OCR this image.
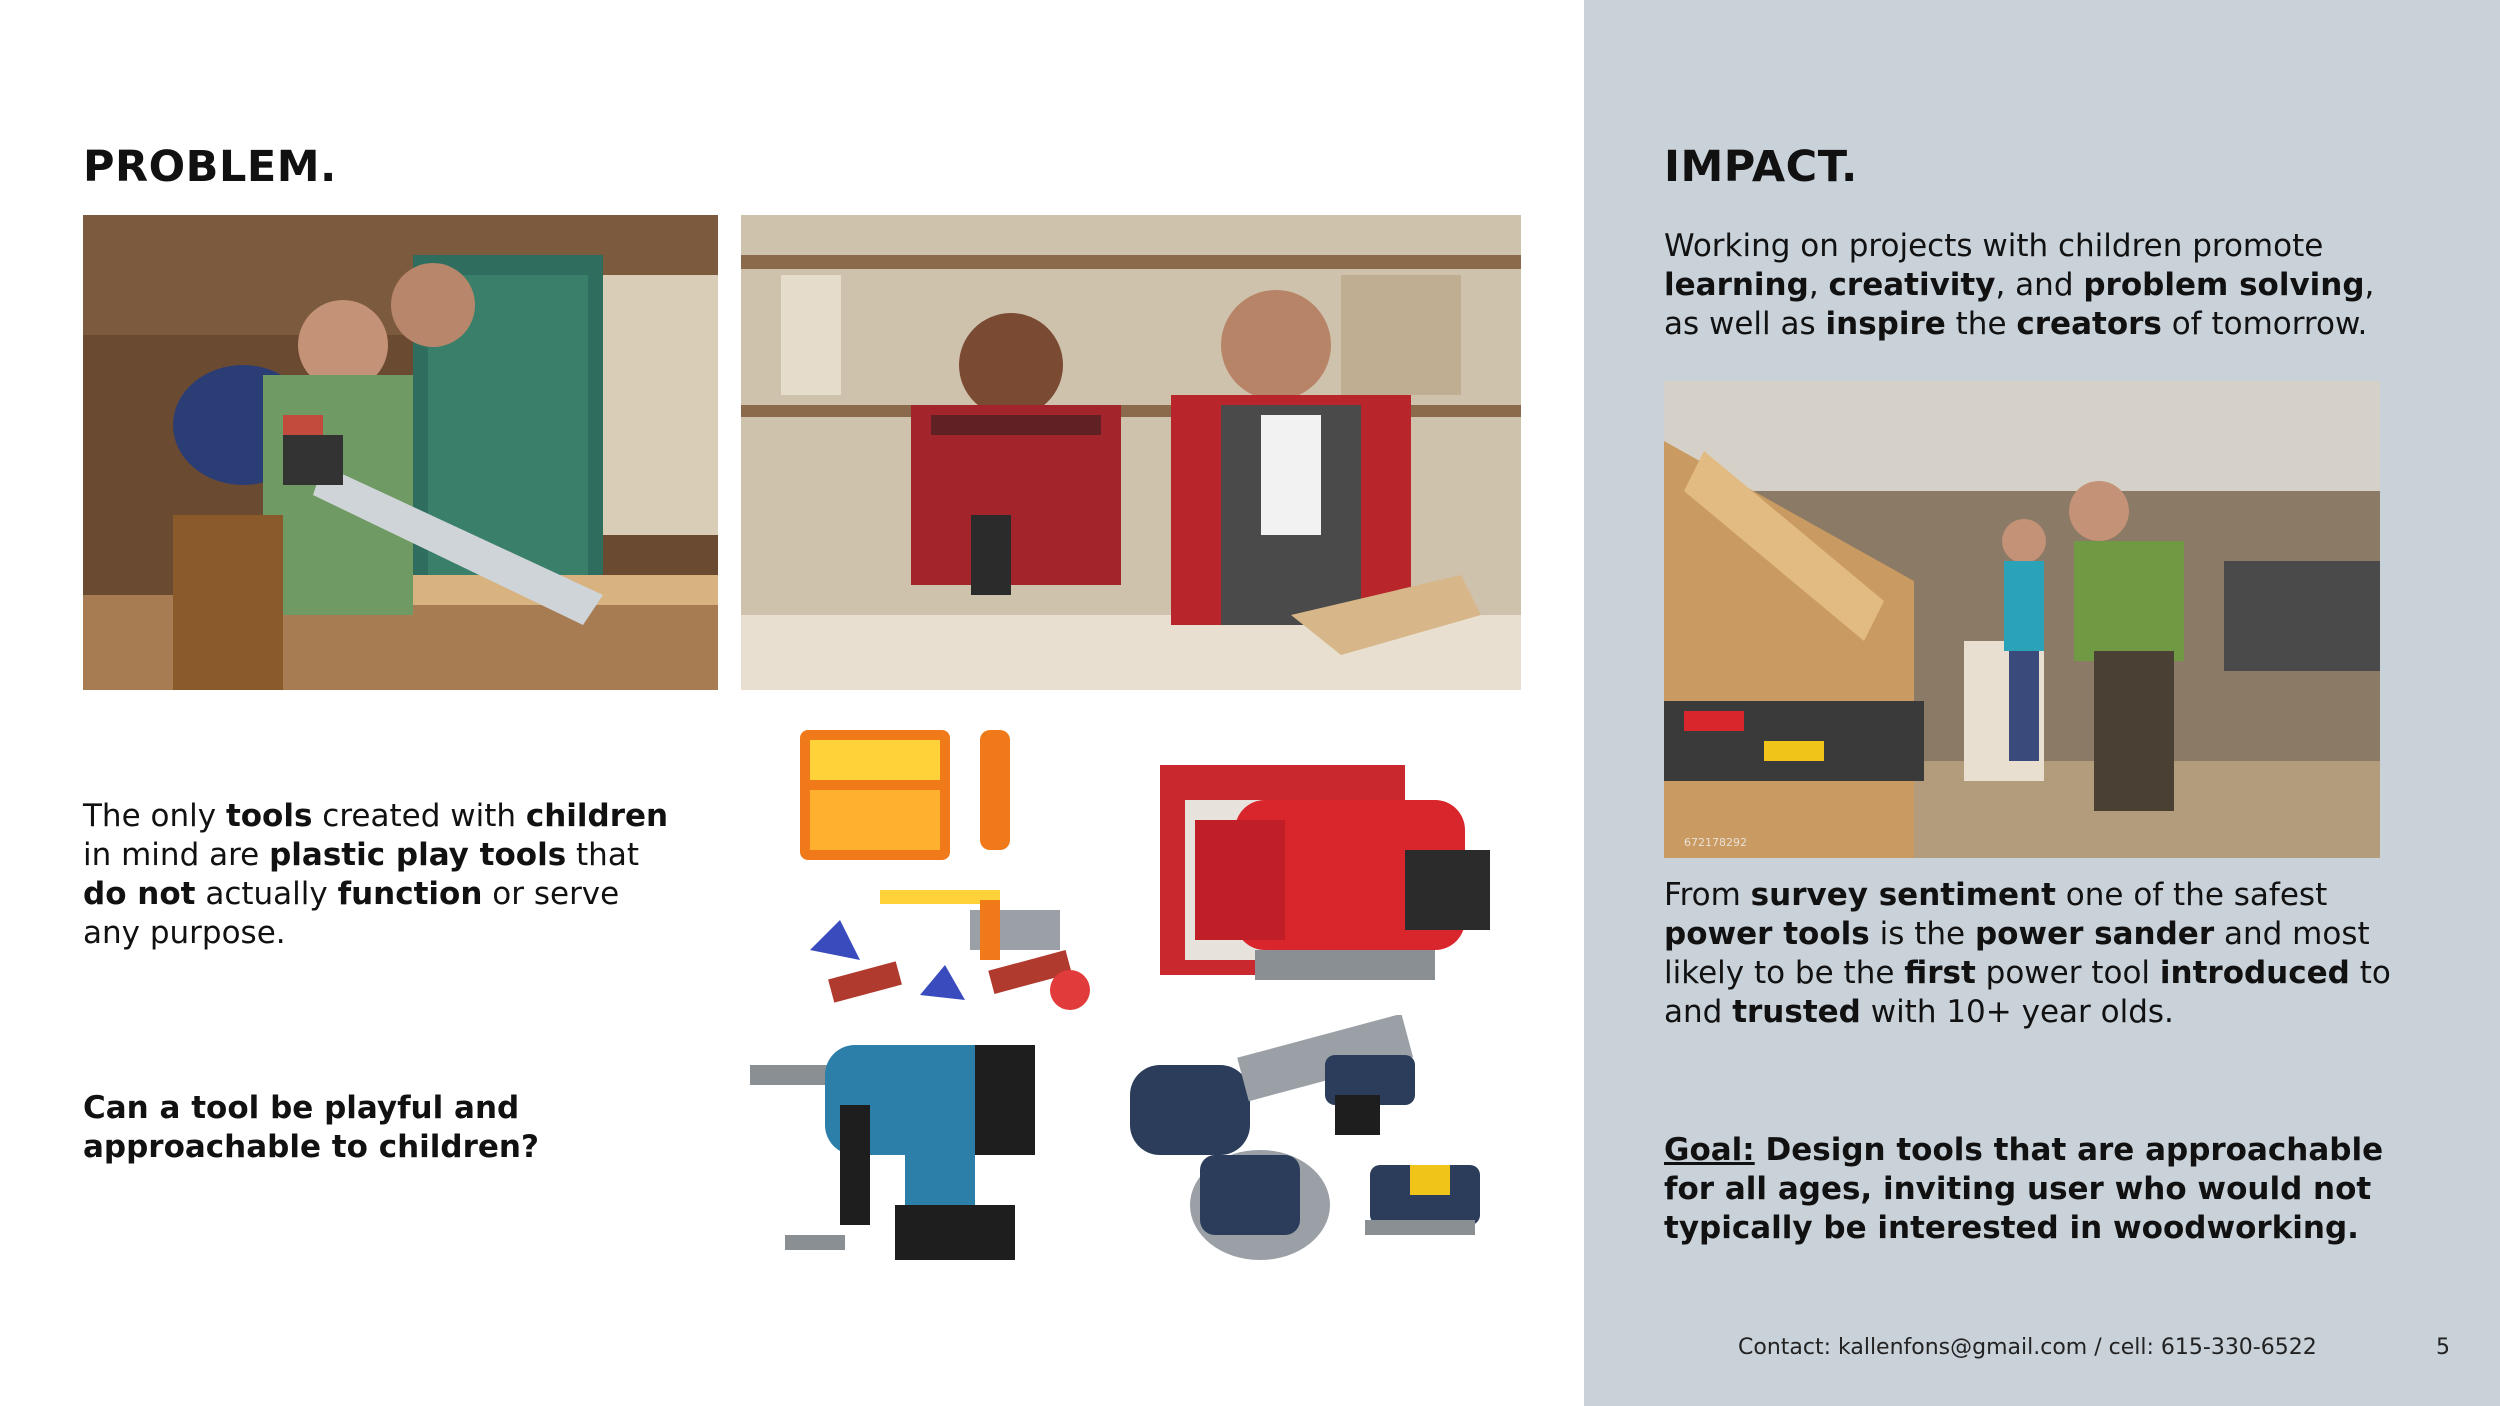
PROBLEM.	IMPACT.
The only tools created with children in mind are plastic play tools that do not actually function or serve any purpose.
Can a tool be playful and approachable to children?
Working on projects with children promote learning, creativity, and problem solving, as well as inspire the creators of tomorrow.
672178292
From survey sentiment one of the safest power tools is the power sander and most likely to be the first power tool introduced to and trusted with 10+ year olds.
Goal: Design tools that are approachable for all ages, inviting user who would not typically be interested in woodworking.
Contact: kallenfons@gmail.com / cell: 615-330-6522	5
